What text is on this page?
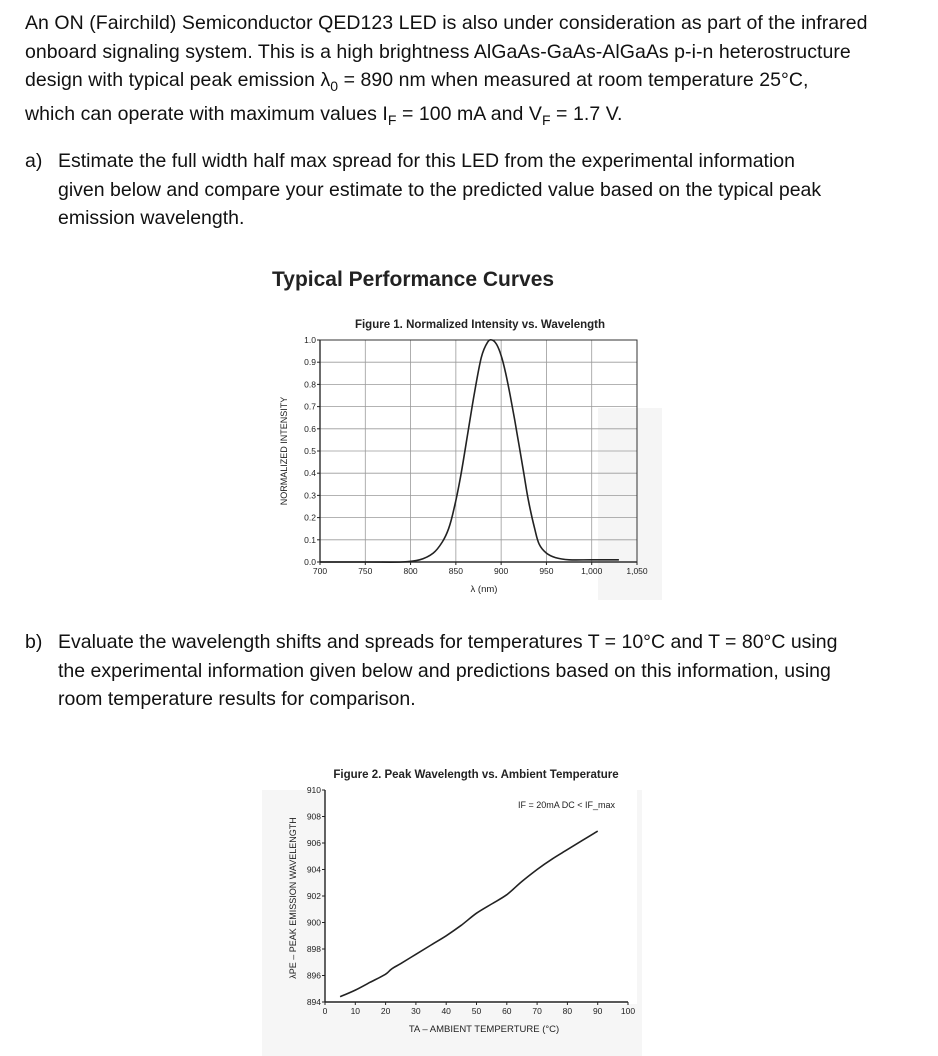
An ON (Fairchild) Semiconductor QED123 LED is also under consideration as part of the infrared
onboard signaling system. This is a high brightness AlGaAs-GaAs-AlGaAs p-i-n heterostructure
design with typical peak emission $\lambda_0 = 890$ nm when measured at room temperature 25°C,
which can operate with maximum values $I_F = 100$ mA and $V_F = 1.7$ V.
a) Estimate the full width half max spread for this LED from the experimental information
given below and compare your estimate to the predicted value based on the typical peak
emission wavelength.
Typical Performance Curves
700	750	800	850	900	950	1,000	1,050
0.0
0.1
0.2
0.3
0.4
0.5
0.6
0.7
0.8
0.9
1.0
Figure 1. Normalized Intensity vs. Wavelength
λ (nm)
NORMALIZED INTENSITY
b) Evaluate the wavelength shifts and spreads for temperatures T = 10°C and T = 80°C using
the experimental information given below and predictions based on this information, using
room temperature results for comparison.
0	10 20 30 40 50 60 70 80 90 100
894
896
898
900
902
904
906
908
910
Figure 2. Peak Wavelength vs. Ambient Temperature
IF = 20mA DC < IF_max
TA – AMBIENT TEMPERTURE (°C)
λPE – PEAK EMISSION WAVELENGTH
